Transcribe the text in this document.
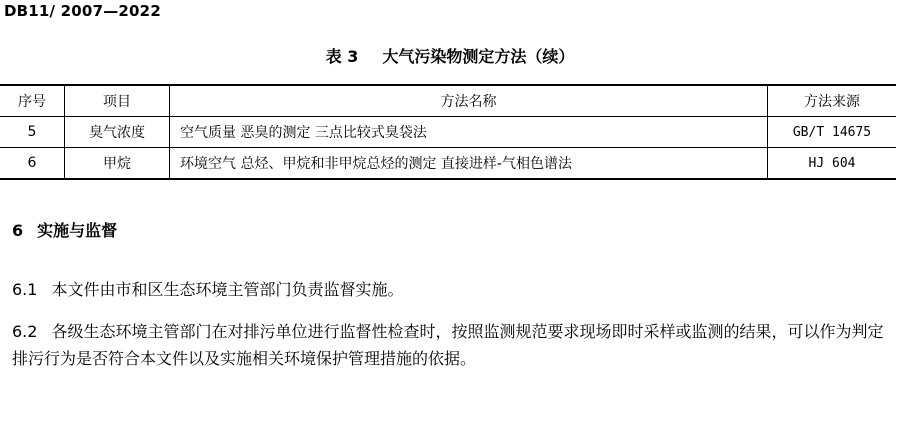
DB11/ 2007—2022
表 3 大气污染物测定方法（续）
序号	项目	方法名称	方法来源
5	臭气浓度	空气质量 恶臭的测定 三点比较式臭袋法	GB/T 14675
6	甲烷	环境空气 总烃、甲烷和非甲烷总烃的测定 直接进样-气相色谱法	HJ 604
6 实施与监督
6.1 本文件由市和区生态环境主管部门负责监督实施。
6.2 各级生态环境主管部门在对排污单位进行监督性检查时，按照监测规范要求现场即时采样或监测的结果，可以作为判定排污行为是否符合本文件以及实施相关环境保护管理措施的依据。
